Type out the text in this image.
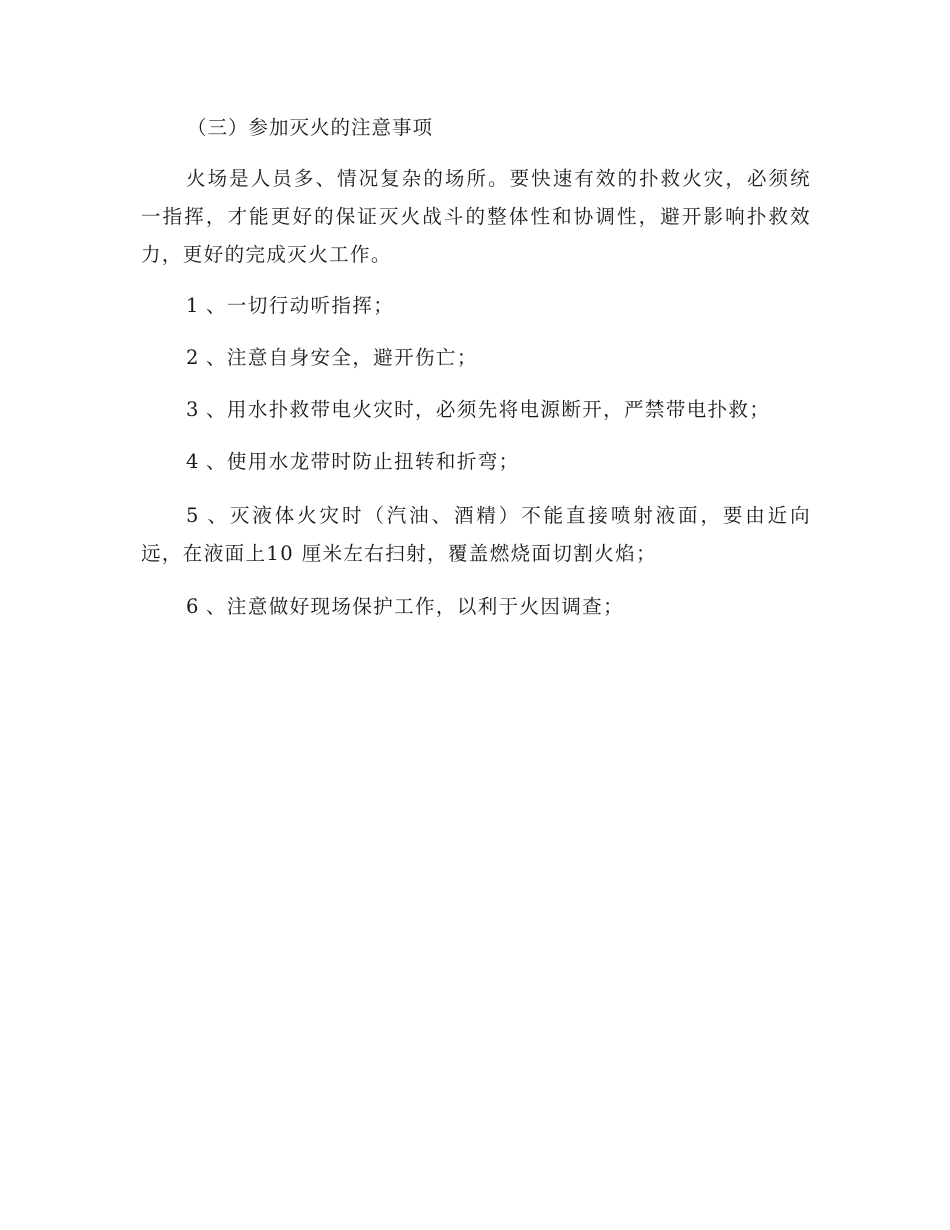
（三）参加灭火的注意事项
火场是人员多、情况复杂的场所。要快速有效的扑救火灾，必须统一指挥，才能更好的保证灭火战斗的整体性和协调性，避开影响扑救效力，更好的完成灭火工作。
1 、一切行动听指挥；
2 、注意自身安全，避开伤亡；
3 、用水扑救带电火灾时，必须先将电源断开，严禁带电扑救；
4 、使用水龙带时防止扭转和折弯；
5 、灭液体火灾时（汽油、酒精）不能直接喷射液面，要由近向远，在液面上10 厘米左右扫射，覆盖燃烧面切割火焰；
6 、注意做好现场保护工作，以利于火因调查；
